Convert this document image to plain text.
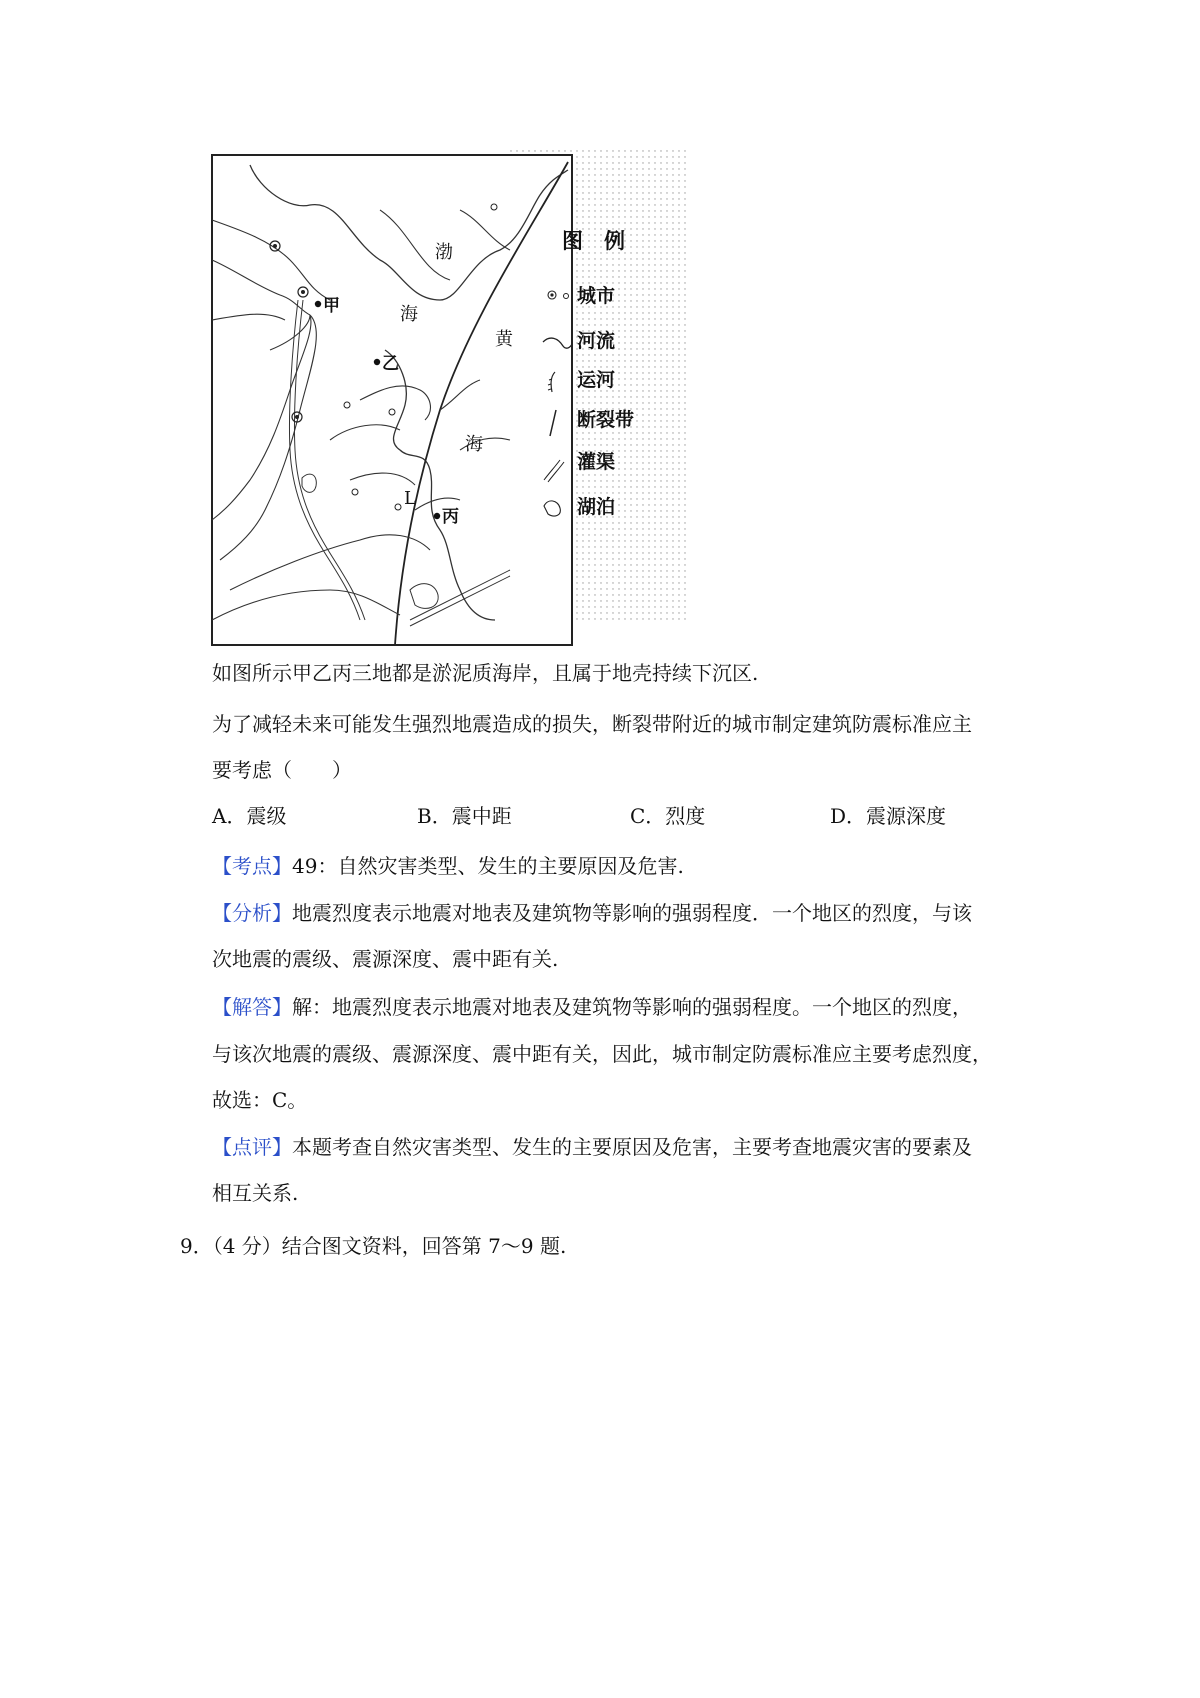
甲
乙
丙
L
渤
海
黄
海
图　例
城市
河流
运河
断裂带
灌渠
湖泊
如图所示甲乙丙三地都是淤泥质海岸，且属于地壳持续下沉区.
为了减轻未来可能发生强烈地震造成的损失，断裂带附近的城市制定建筑防震标准应主
要考虑（　　）
A．震级	B．震中距	C．烈度	D．震源深度
【考点】49：自然灾害类型、发生的主要原因及危害.
【分析】地震烈度表示地震对地表及建筑物等影响的强弱程度．一个地区的烈度，与该
次地震的震级、震源深度、震中距有关.
【解答】解：地震烈度表示地震对地表及建筑物等影响的强弱程度。一个地区的烈度，
与该次地震的震级、震源深度、震中距有关，因此，城市制定防震标准应主要考虑烈度，
故选：C。
【点评】本题考查自然灾害类型、发生的主要原因及危害，主要考查地震灾害的要素及
相互关系.
9．（4 分）结合图文资料，回答第 7～9 题.
